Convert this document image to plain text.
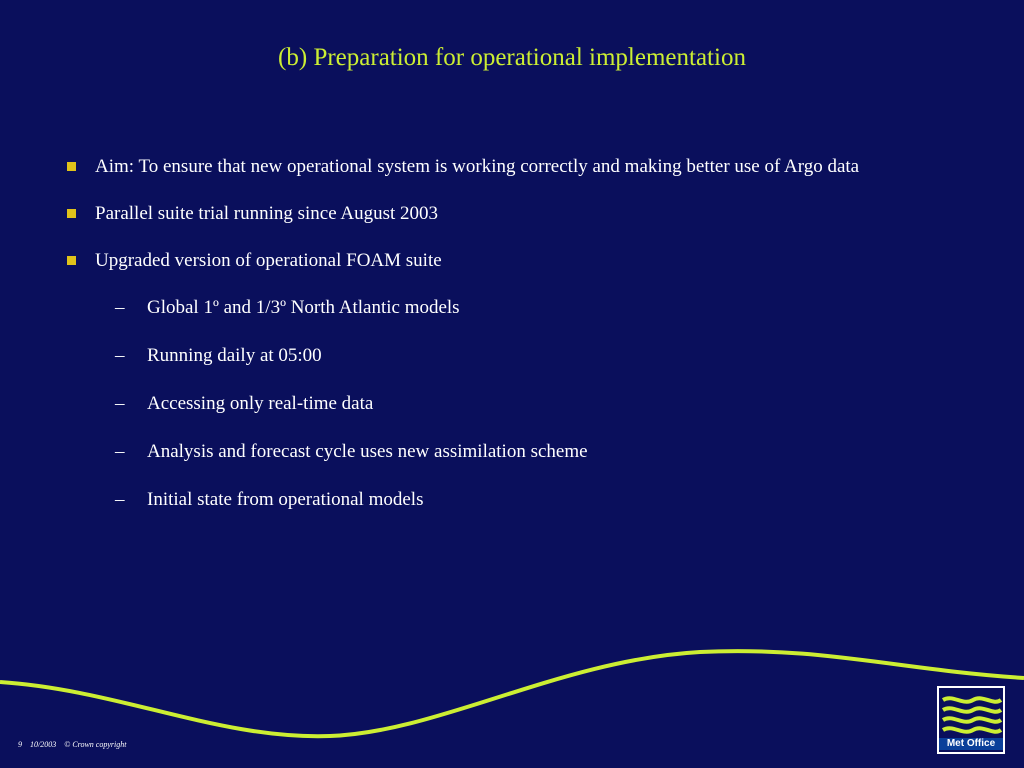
(b) Preparation for operational implementation
Aim: To ensure that new operational system is working correctly and making better use of Argo data
Parallel suite trial running since August 2003
Upgraded version of operational FOAM suite
– Global 1º and 1/3º North Atlantic models
– Running daily at 05:00
– Accessing only real-time data
– Analysis and forecast cycle uses new assimilation scheme
– Initial state from operational models
9 10/2003 © Crown copyright	Met Office
